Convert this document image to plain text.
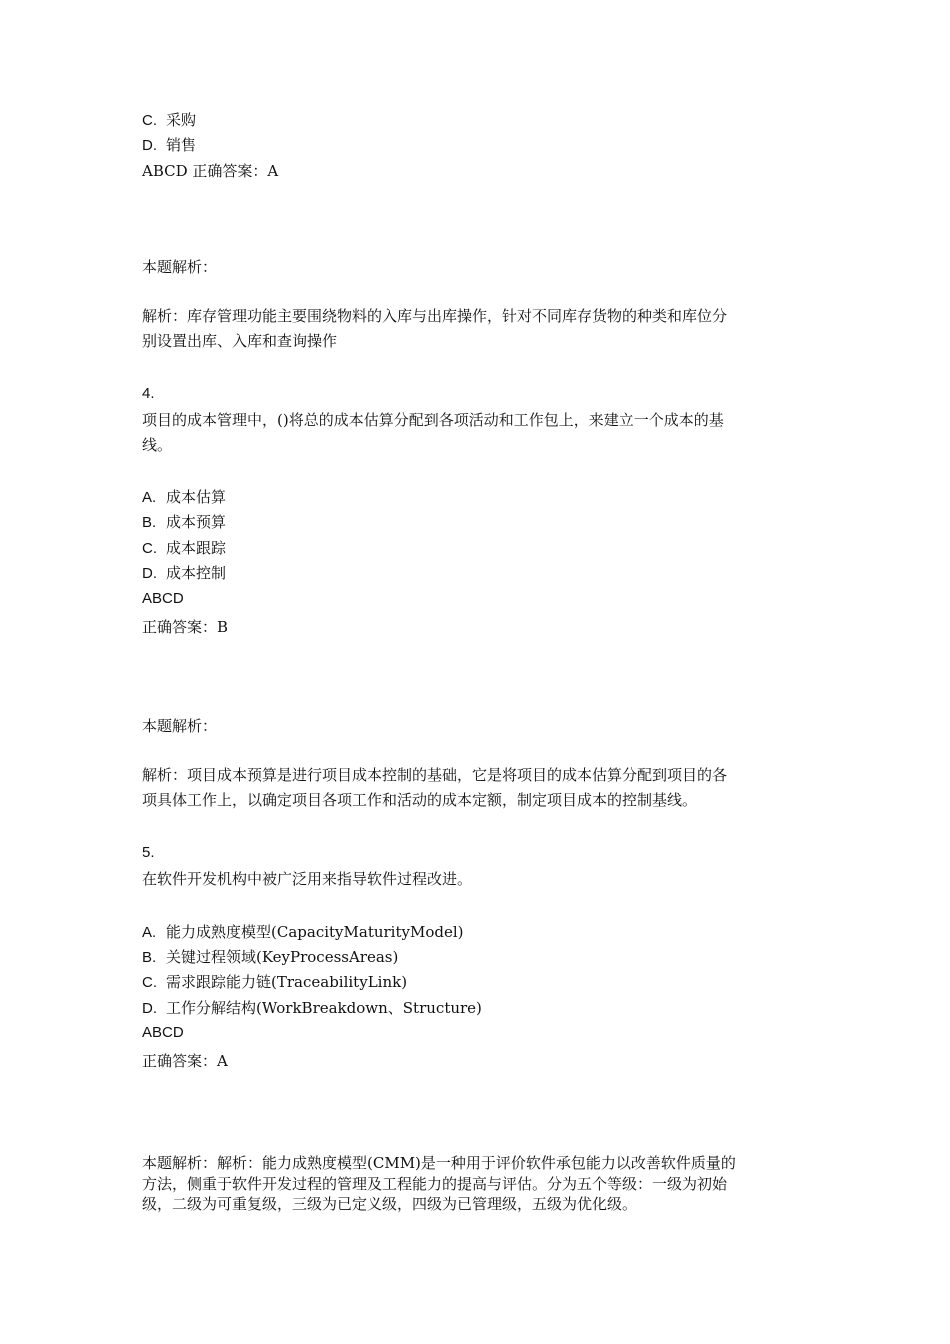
C. 采购
D. 销售
ABCD 正确答案：A
本题解析：
解析：库存管理功能主要围绕物料的入库与出库操作，针对不同库存货物的种类和库位分
别设置出库、入库和查询操作
4.
项目的成本管理中，()将总的成本估算分配到各项活动和工作包上，来建立一个成本的基
线。
A. 成本估算
B. 成本预算
C. 成本跟踪
D. 成本控制
ABCD
正确答案：B
本题解析：
解析：项目成本预算是进行项目成本控制的基础，它是将项目的成本估算分配到项目的各
项具体工作上，以确定项目各项工作和活动的成本定额，制定项目成本的控制基线。
5.
在软件开发机构中被广泛用来指导软件过程改进。
A. 能力成熟度模型(CapacityMaturityModel)
B. 关键过程领域(KeyProcessAreas)
C. 需求跟踪能力链(TraceabilityLink)
D. 工作分解结构(WorkBreakdown、Structure)
ABCD
正确答案：A
本题解析：解析：能力成熟度模型(CMM)是一种用于评价软件承包能力以改善软件质量的
方法，侧重于软件开发过程的管理及工程能力的提高与评估。分为五个等级：一级为初始
级，二级为可重复级，三级为已定义级，四级为已管理级，五级为优化级。
